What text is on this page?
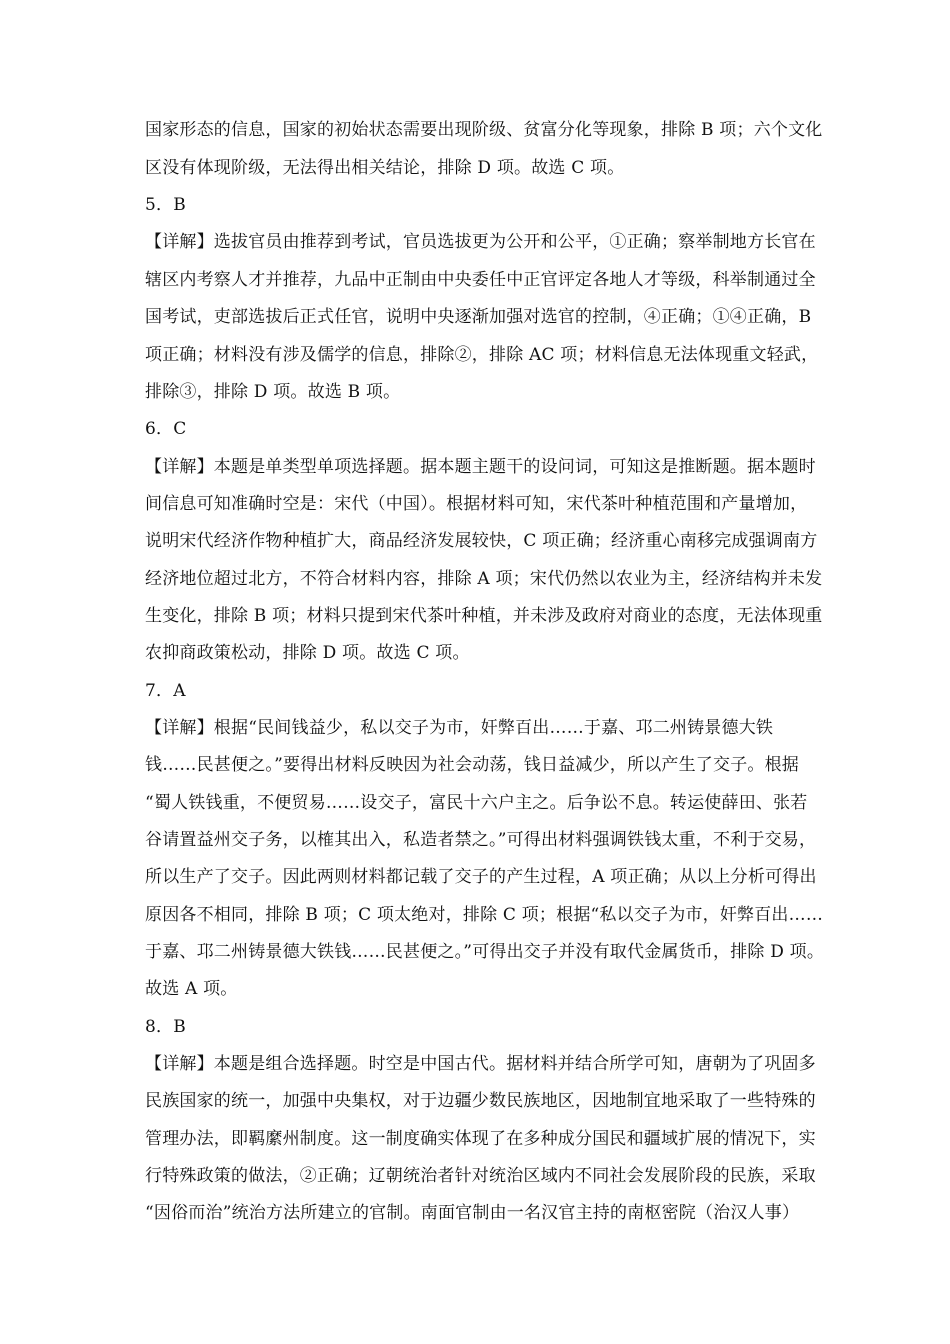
国家形态的信息，国家的初始状态需要出现阶级、贫富分化等现象，排除 B 项；六个文化
区没有体现阶级，无法得出相关结论，排除 D 项。故选 C 项。
5．B
【详解】选拔官员由推荐到考试，官员选拔更为公开和公平，①正确；察举制地方长官在
辖区内考察人才并推荐，九品中正制由中央委任中正官评定各地人才等级，科举制通过全
国考试，吏部选拔后正式任官，说明中央逐渐加强对选官的控制，④正确；①④正确，B
项正确；材料没有涉及儒学的信息，排除②，排除 AC 项；材料信息无法体现重文轻武，
排除③，排除 D 项。故选 B 项。
6．C
【详解】本题是单类型单项选择题。据本题主题干的设问词，可知这是推断题。据本题时
间信息可知准确时空是：宋代（中国）。根据材料可知，宋代茶叶种植范围和产量增加，
说明宋代经济作物种植扩大，商品经济发展较快，C 项正确；经济重心南移完成强调南方
经济地位超过北方，不符合材料内容，排除 A 项；宋代仍然以农业为主，经济结构并未发
生变化，排除 B 项；材料只提到宋代茶叶种植，并未涉及政府对商业的态度，无法体现重
农抑商政策松动，排除 D 项。故选 C 项。
7．A
【详解】根据“民间钱益少，私以交子为市，奸弊百出……于嘉、邛二州铸景德大铁
钱……民甚便之。”要得出材料反映因为社会动荡，钱日益减少，所以产生了交子。根据
“蜀人铁钱重，不便贸易……设交子，富民十六户主之。后争讼不息。转运使薛田、张若
谷请置益州交子务，以榷其出入，私造者禁之。”可得出材料强调铁钱太重，不利于交易，
所以生产了交子。因此两则材料都记载了交子的产生过程，A 项正确；从以上分析可得出
原因各不相同，排除 B 项；C 项太绝对，排除 C 项；根据“私以交子为市，奸弊百出……
于嘉、邛二州铸景德大铁钱……民甚便之。”可得出交子并没有取代金属货币，排除 D 项。
故选 A 项。
8．B
【详解】本题是组合选择题。时空是中国古代。据材料并结合所学可知，唐朝为了巩固多
民族国家的统一，加强中央集权，对于边疆少数民族地区，因地制宜地采取了一些特殊的
管理办法，即羁縻州制度。这一制度确实体现了在多种成分国民和疆域扩展的情况下，实
行特殊政策的做法，②正确；辽朝统治者针对统治区域内不同社会发展阶段的民族，采取
“因俗而治”统治方法所建立的官制。南面官制由一名汉官主持的南枢密院（治汉人事）
